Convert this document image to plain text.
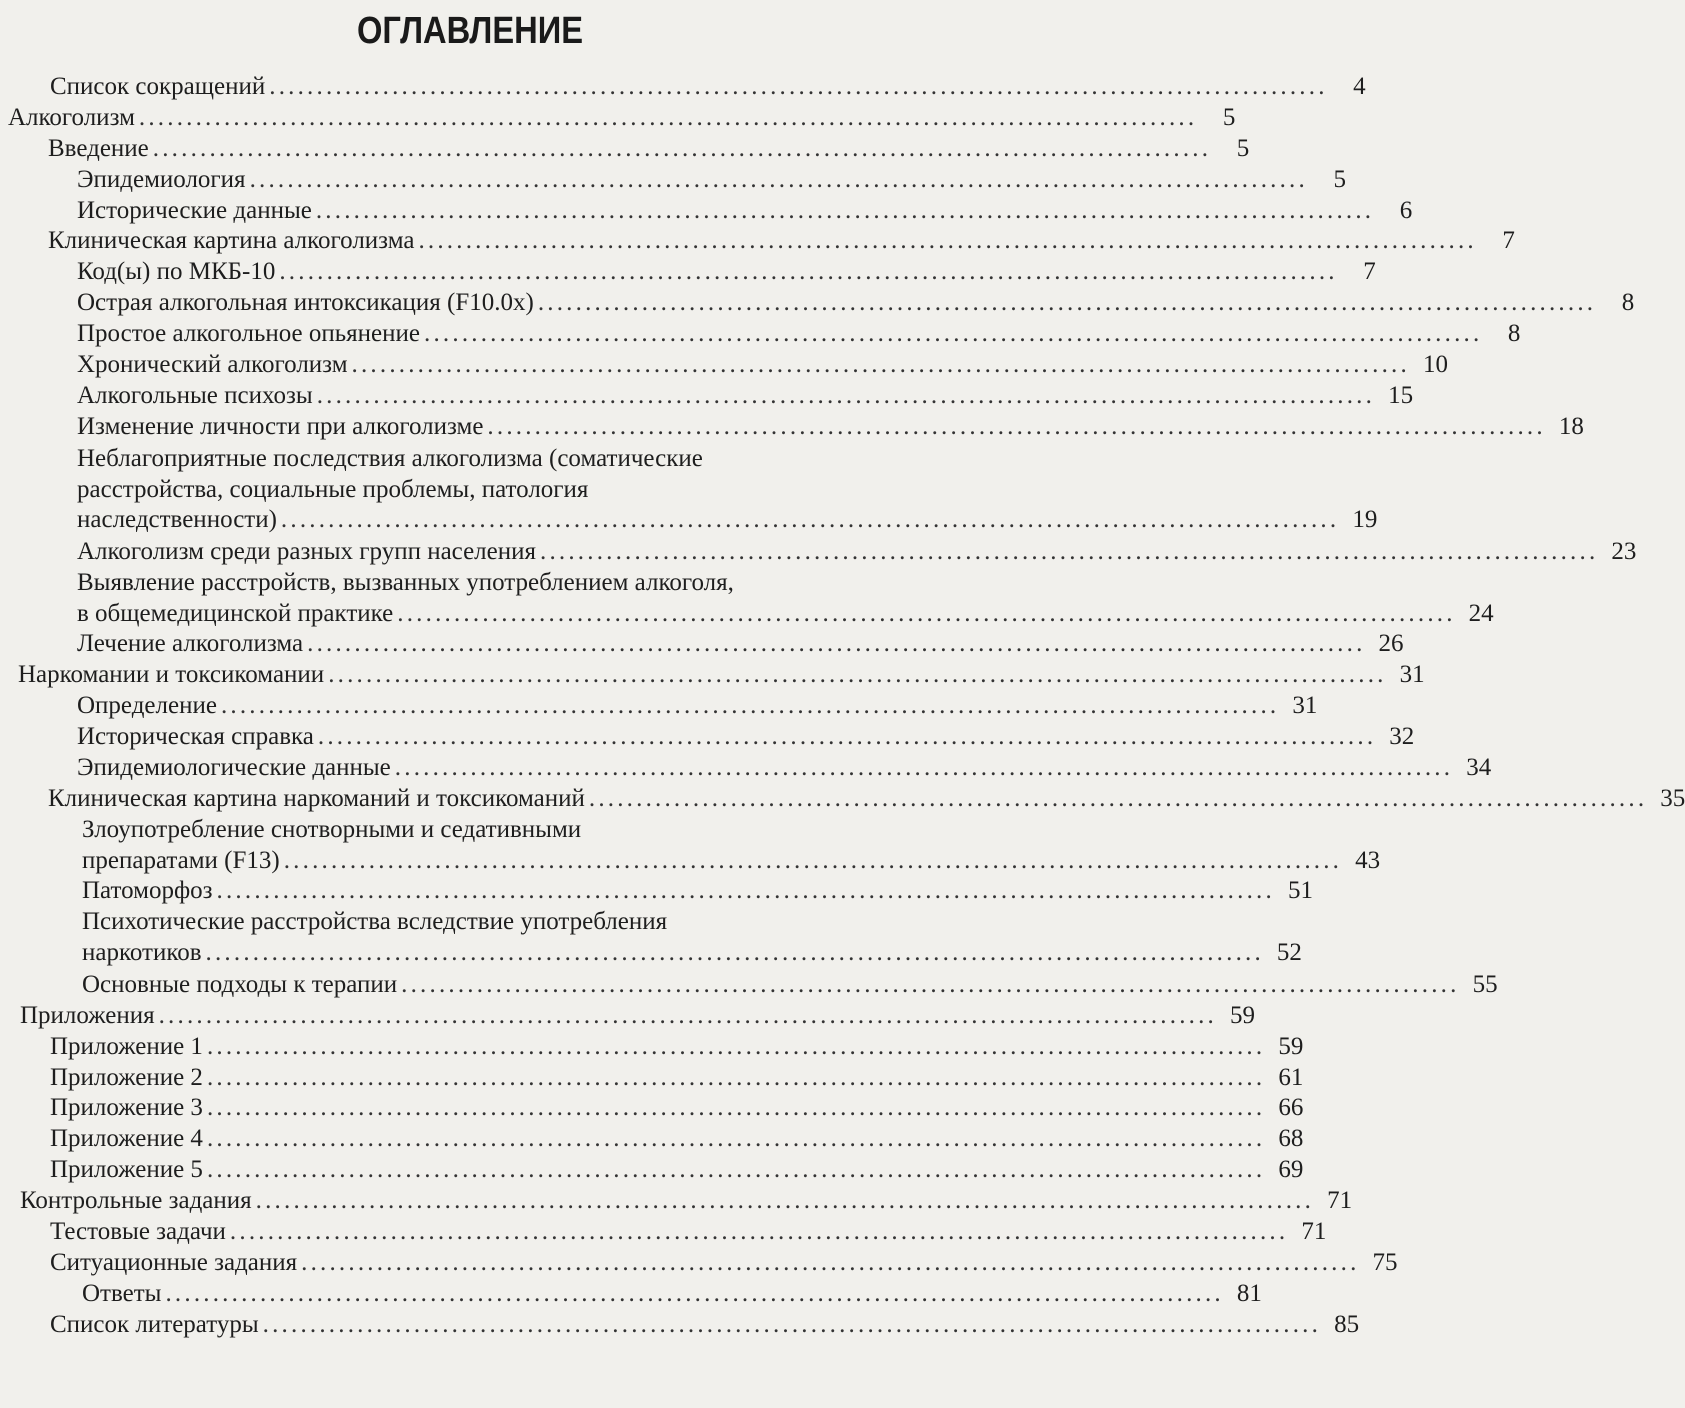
ОГЛАВЛЕНИЕ
Список сокращений ................................................................................................................	4
Алкоголизм ................................................................................................................	5
Введение ................................................................................................................	5
Эпидемиология ................................................................................................................	5
Исторические данные ................................................................................................................	6
Клиническая картина алкоголизма ................................................................................................................	7
Код(ы) по МКБ-10 ................................................................................................................	7
Острая алкогольная интоксикация (F10.0x) ................................................................................................................	8
Простое алкогольное опьянение ................................................................................................................	8
Хронический алкоголизм ................................................................................................................ 10
Алкогольные психозы ................................................................................................................ 15
Изменение личности при алкоголизме ................................................................................................................ 18
Неблагоприятные последствия алкоголизма (соматические
расстройства, социальные проблемы, патология
наследственности) ................................................................................................................ 19
Алкоголизм среди разных групп населения ................................................................................................................ 23
Выявление расстройств, вызванных употреблением алкоголя,
в общемедицинской практике ................................................................................................................ 24
Лечение алкоголизма ................................................................................................................ 26
Наркомании и токсикомании ................................................................................................................ 31
Определение ................................................................................................................ 31
Историческая справка ................................................................................................................ 32
Эпидемиологические данные ................................................................................................................ 34
Клиническая картина наркоманий и токсикоманий ................................................................................................................ 35
Злоупотребление снотворными и седативными
препаратами (F13) ................................................................................................................ 43
Патоморфоз ................................................................................................................ 51
Психотические расстройства вследствие употребления
наркотиков ................................................................................................................ 52
Основные подходы к терапии ................................................................................................................ 55
Приложения ................................................................................................................ 59
Приложение 1 ................................................................................................................ 59
Приложение 2 ................................................................................................................ 61
Приложение 3 ................................................................................................................ 66
Приложение 4 ................................................................................................................ 68
Приложение 5 ................................................................................................................ 69
Контрольные задания ................................................................................................................ 71
Тестовые задачи ................................................................................................................ 71
Ситуационные задания ................................................................................................................ 75
Ответы ................................................................................................................ 81
Список литературы ................................................................................................................ 85
